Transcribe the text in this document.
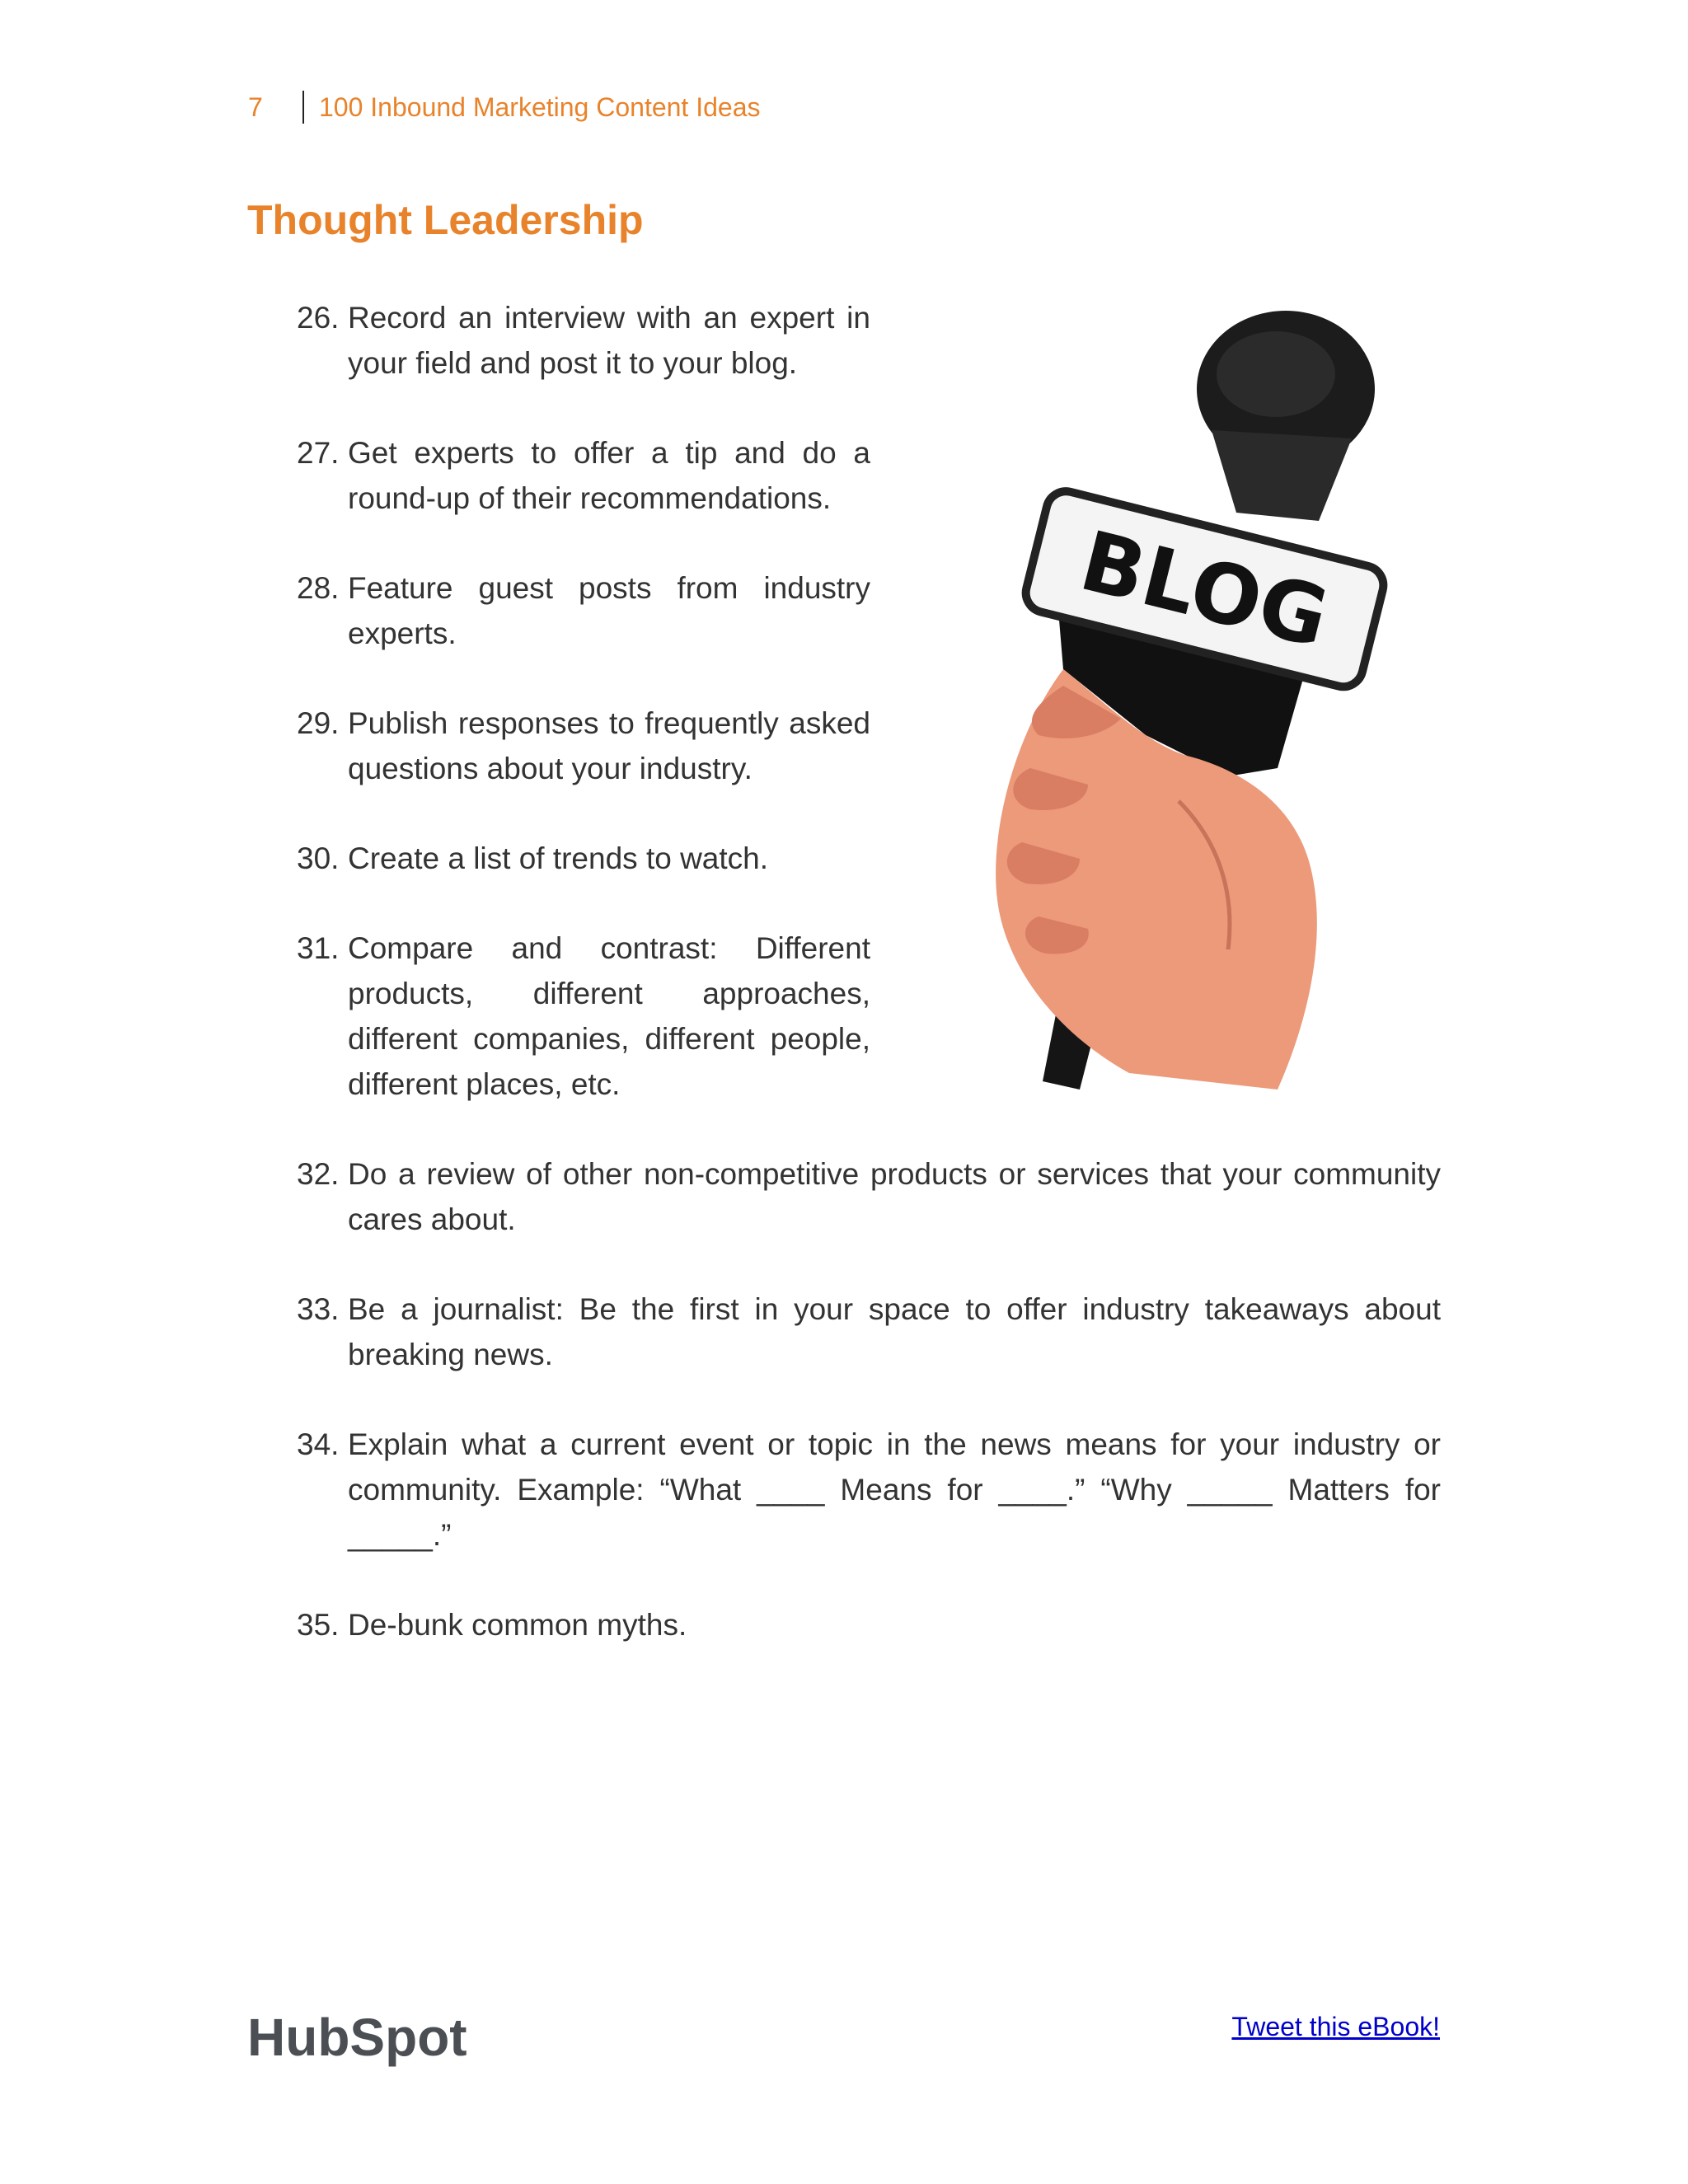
7	100 Inbound Marketing Content Ideas
Thought Leadership
26. Record an interview with an expert in your field and post it to your blog.
27. Get experts to offer a tip and do a round-up of their recommendations.
28. Feature guest posts from industry experts.
29. Publish responses to frequently asked questions about your industry.
30. Create a list of trends to watch.
31. Compare and contrast: Different products, different approaches, different companies, different people, different places, etc.
32. Do a review of other non-competitive products or services that your community cares about.
33. Be a journalist: Be the first in your space to offer industry takeaways about breaking news.
34. Explain what a current event or topic in the news means for your industry or community. Example: “What ____ Means for ____.” “Why _____ Matters for _____.”
35. De-bunk common myths.
BLOG
HubSpot	Tweet this eBook!
